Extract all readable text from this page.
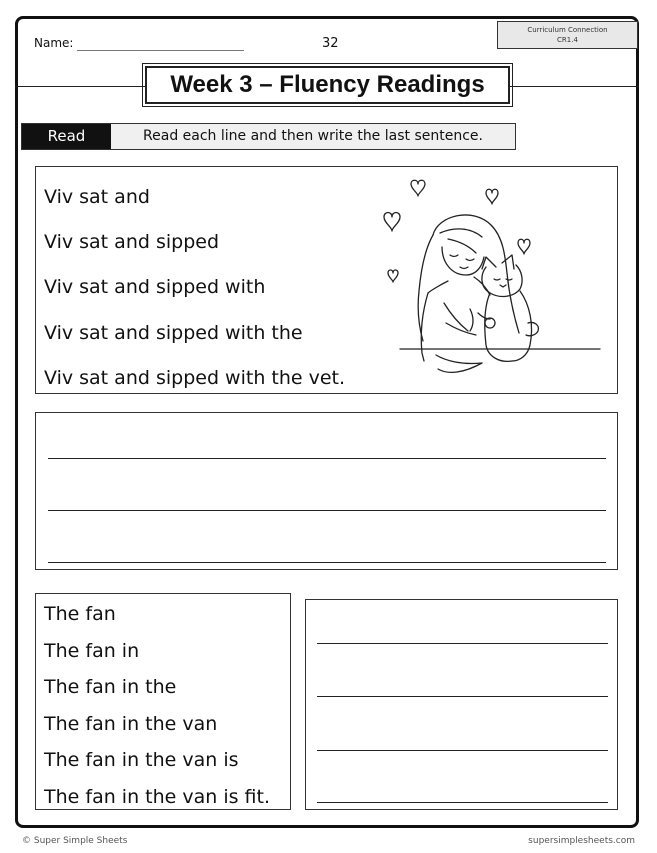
Name:	32
Curriculum Connection
CR1.4
Week 3 – Fluency Readings
Read	Read each line and then write the last sentence.
Viv sat and
Viv sat and sipped
Viv sat and sipped with
Viv sat and sipped with the
Viv sat and sipped with the vet.
The fan
The fan in
The fan in the
The fan in the van
The fan in the van is
The fan in the van is fit.
© Super Simple Sheets	supersimplesheets.com
